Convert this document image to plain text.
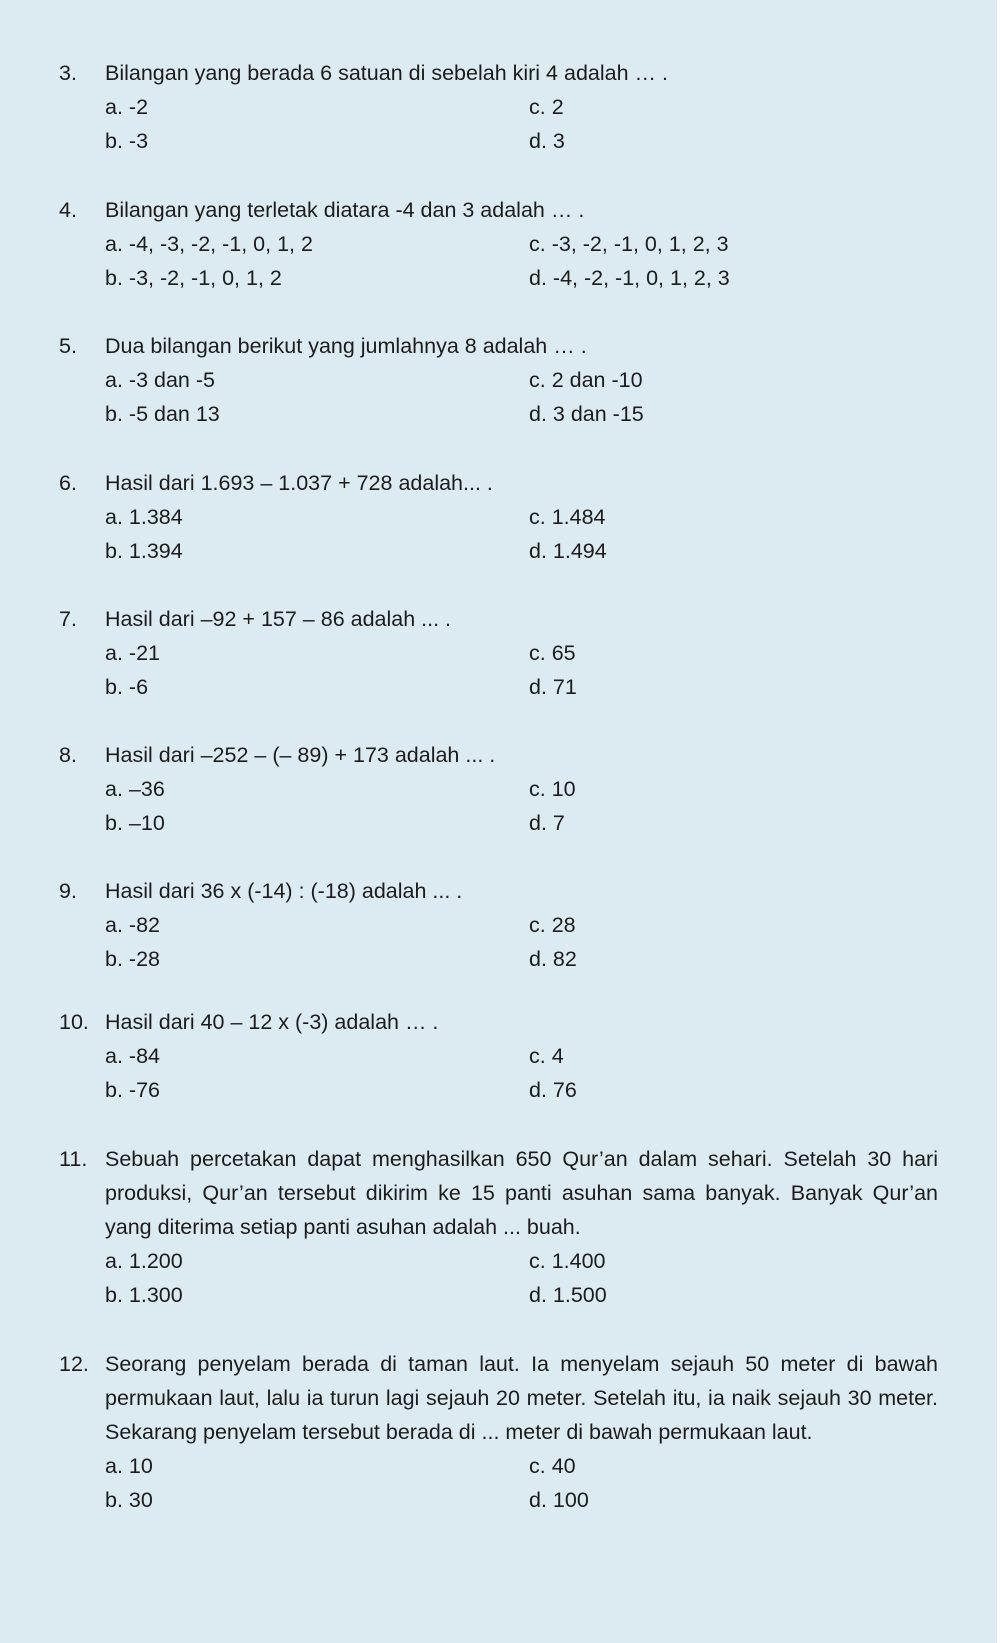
3. Bilangan yang berada 6 satuan di sebelah kiri 4 adalah … .
a. -2	c. 2
b. -3	d. 3
4. Bilangan yang terletak diatara -4 dan 3 adalah … .
a. -4, -3, -2, -1, 0, 1, 2	c. -3, -2, -1, 0, 1, 2, 3
b. -3, -2, -1, 0, 1, 2	d. -4, -2, -1, 0, 1, 2, 3
5. Dua bilangan berikut yang jumlahnya 8 adalah … .
a. -3 dan -5	c. 2 dan -10
b. -5 dan 13	d. 3 dan -15
6. Hasil dari 1.693 – 1.037 + 728 adalah... .
a. 1.384	c. 1.484
b. 1.394	d. 1.494
7. Hasil dari –92 + 157 – 86 adalah ... .
a. -21	c. 65
b. -6	d. 71
8. Hasil dari –252 – (– 89) + 173 adalah ... .
a. –36	c. 10
b. –10	d. 7
9. Hasil dari 36 x (-14) : (-18) adalah ... .
a. -82	c. 28
b. -28	d. 82
10. Hasil dari 40 – 12 x (-3) adalah … .
a. -84	c. 4
b. -76	d. 76
11. Sebuah percetakan dapat menghasilkan 650 Qur’an dalam sehari. Setelah 30 hari produksi, Qur’an tersebut dikirim ke 15 panti asuhan sama banyak. Banyak Qur’an yang diterima setiap panti asuhan adalah ... buah.
a. 1.200	c. 1.400
b. 1.300	d. 1.500
12. Seorang penyelam berada di taman laut. Ia menyelam sejauh 50 meter di bawah permukaan laut, lalu ia turun lagi sejauh 20 meter. Setelah itu, ia naik sejauh 30 meter. Sekarang penyelam tersebut berada di ... meter di bawah permukaan laut.
a. 10	c. 40
b. 30	d. 100
